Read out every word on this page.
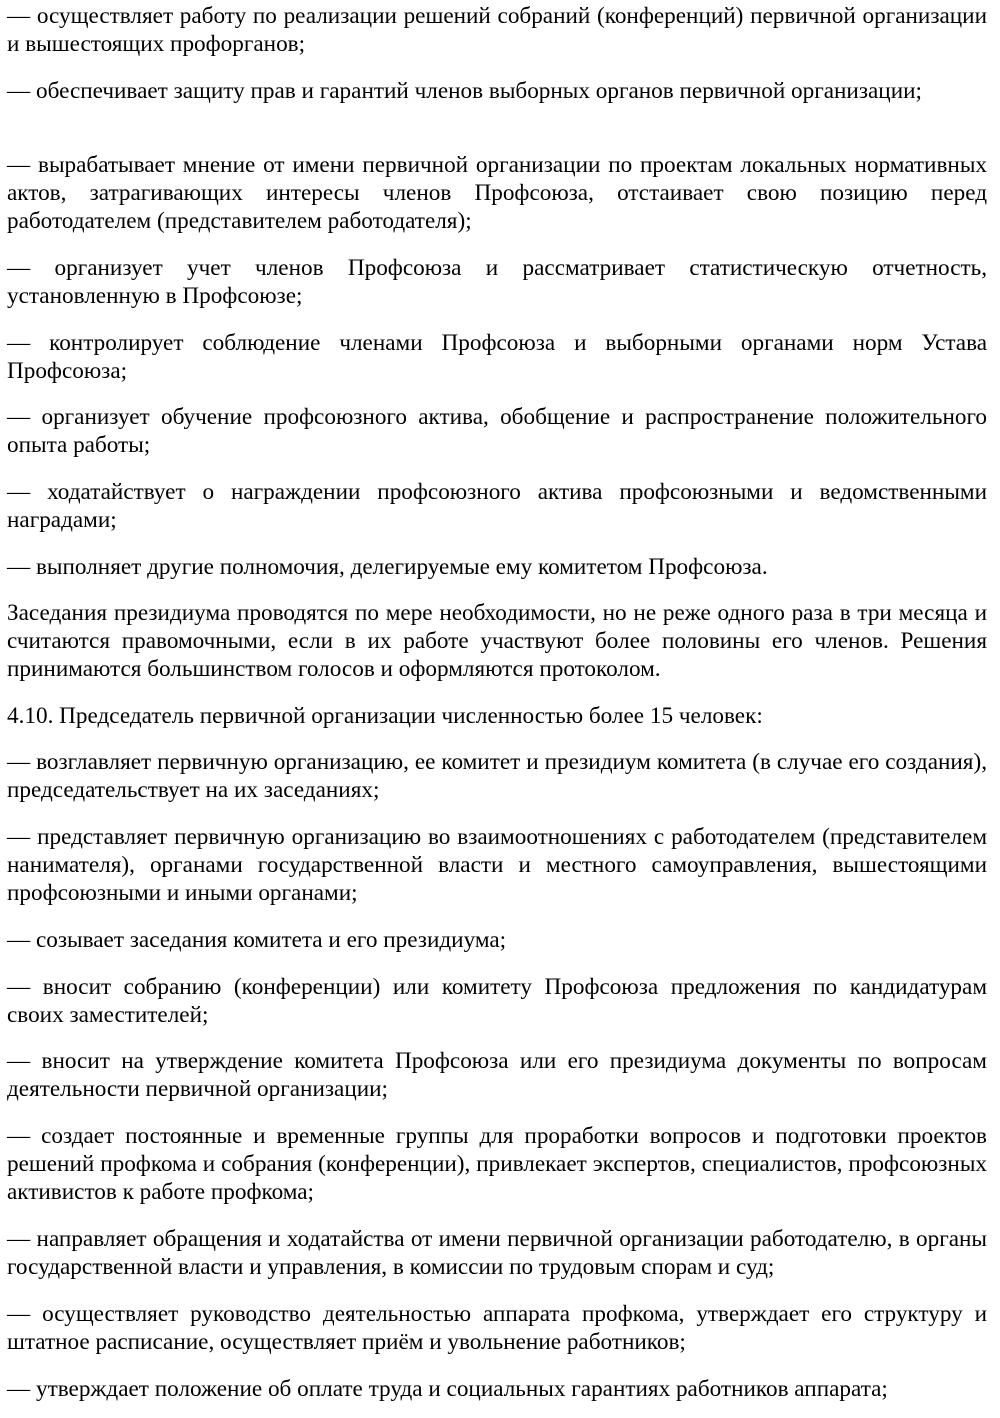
— осуществляет работу по реализации решений собраний (конференций) первичной организации и вышестоящих профорганов;

— обеспечивает защиту прав и гарантий членов выборных органов первичной организации;

— вырабатывает мнение от имени первичной организации по проектам локальных нормативных актов, затрагивающих интересы членов Профсоюза, отстаивает свою позицию перед работодателем (представителем работодателя);

— организует учет членов Профсоюза и рассматривает статистическую отчетность, установленную в Профсоюзе;

— контролирует соблюдение членами Профсоюза и выборными органами норм Устава Профсоюза;

— организует обучение профсоюзного актива, обобщение и распространение положительного опыта работы;

— ходатайствует о награждении профсоюзного актива профсоюзными и ведомственными наградами;

— выполняет другие полномочия, делегируемые ему комитетом Профсоюза.

Заседания президиума проводятся по мере необходимости, но не реже одного раза в три месяца и считаются правомочными, если в их работе участвуют более половины его членов. Решения принимаются большинством голосов и оформляются протоколом.

4.10. Председатель первичной организации численностью более 15 человек:

— возглавляет первичную организацию, ее комитет и президиум комитета (в случае его создания), председательствует на их заседаниях;

— представляет первичную организацию во взаимоотношениях с работодателем (представителем нанимателя), органами государственной власти и местного самоуправления, вышестоящими профсоюзными и иными органами;

— созывает заседания комитета и его президиума;

— вносит собранию (конференции) или комитету Профсоюза предложения по кандидатурам своих заместителей;

— вносит на утверждение комитета Профсоюза или его президиума документы по вопросам деятельности первичной организации;

— создает постоянные и временные группы для проработки вопросов и подготовки проектов решений профкома и собрания (конференции), привлекает экспертов, специалистов, профсоюзных активистов к работе профкома;

— направляет обращения и ходатайства от имени первичной организации работодателю, в органы государственной власти и управления, в комиссии по трудовым спорам и суд;

— осуществляет руководство деятельностью аппарата профкома, утверждает его структуру и штатное расписание, осуществляет приём и увольнение работников;

— утверждает положение об оплате труда и социальных гарантиях работников аппарата;
